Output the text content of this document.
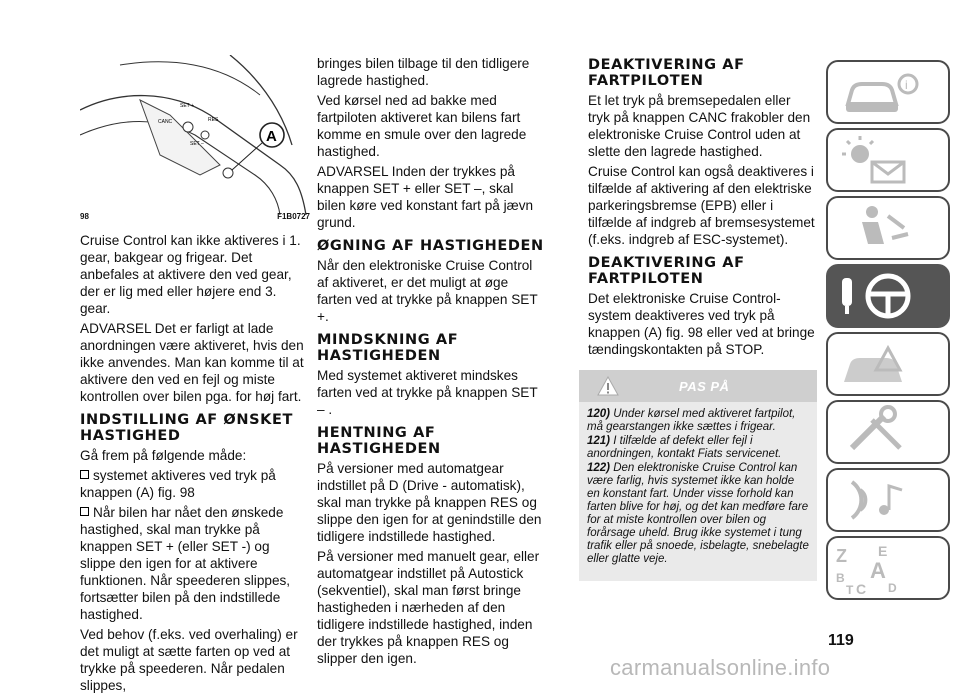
SET +
CANC	RES
SET –	A
98	F1B0727

Cruise Control kan ikke aktiveres i 1. gear, bakgear og frigear. Det anbefales at aktivere den ved gear, der er lig med eller højere end 3. gear.

ADVARSEL Det er farligt at lade anordningen være aktiveret, hvis den ikke anvendes. Man kan komme til at aktivere den ved en fejl og miste kontrollen over bilen pga. for høj fart.

INDSTILLING AF ØNSKET HASTIGHED

Gå frem på følgende måde:

systemet aktiveres ved tryk på knappen (A) fig. 98

Når bilen har nået den ønskede hastighed, skal man trykke på knappen SET + (eller SET -) og slippe den igen for at aktivere funktionen. Når speederen slippes, fortsætter bilen på den indstillede hastighed.

Ved behov (f.eks. ved overhaling) er det muligt at sætte farten op ved at trykke på speederen. Når pedalen slippes,

bringes bilen tilbage til den tidligere lagrede hastighed.

Ved kørsel ned ad bakke med fartpiloten aktiveret kan bilens fart komme en smule over den lagrede hastighed.

ADVARSEL Inden der trykkes på knappen SET + eller SET –, skal bilen køre ved konstant fart på jævn grund.

ØGNING AF HASTIGHEDEN

Når den elektroniske Cruise Control af aktiveret, er det muligt at øge farten ved at trykke på knappen SET +.

MINDSKNING AF HASTIGHEDEN

Med systemet aktiveret mindskes farten ved at trykke på knappen SET – .

HENTNING AF HASTIGHEDEN

På versioner med automatgear indstillet på D (Drive - automatisk), skal man trykke på knappen RES og slippe den igen for at genindstille den tidligere indstillede hastighed.

På versioner med manuelt gear, eller automatgear indstillet på Autostick (sekventiel), skal man først bringe hastigheden i nærheden af den tidligere indstillede hastighed, inden der trykkes på knappen RES og slipper den igen.

DEAKTIVERING AF FARTPILOTEN

Et let tryk på bremsepedalen eller tryk på knappen CANC frakobler den elektroniske Cruise Control uden at slette den lagrede hastighed.

Cruise Control kan også deaktiveres i tilfælde af aktivering af den elektriske parkeringsbremse (EPB) eller i tilfælde af indgreb af bremsesystemet (f.eks. indgreb af ESC-systemet).

DEAKTIVERING AF FARTPILOTEN

Det elektroniske Cruise Control-system deaktiveres ved tryk på knappen (A) fig. 98 eller ved at bringe tændingskontakten på STOP.

PAS PÅ

120) Under kørsel med aktiveret fartpilot, må gearstangen ikke sættes i frigear.

121) I tilfælde af defekt eller fejl i anordningen, kontakt Fiats servicenet.

122) Den elektroniske Cruise Control kan være farlig, hvis systemet ikke kan holde en konstant fart. Under visse forhold kan farten blive for høj, og det kan medføre fare for at miste kontrollen over bilen og forårsage uheld. Brug ikke systemet i tung trafik eller på snoede, isbelagte, snebelagte eller glatte veje.

i
Z E
A
B
C
T	D
119
carmanualsonline.info
